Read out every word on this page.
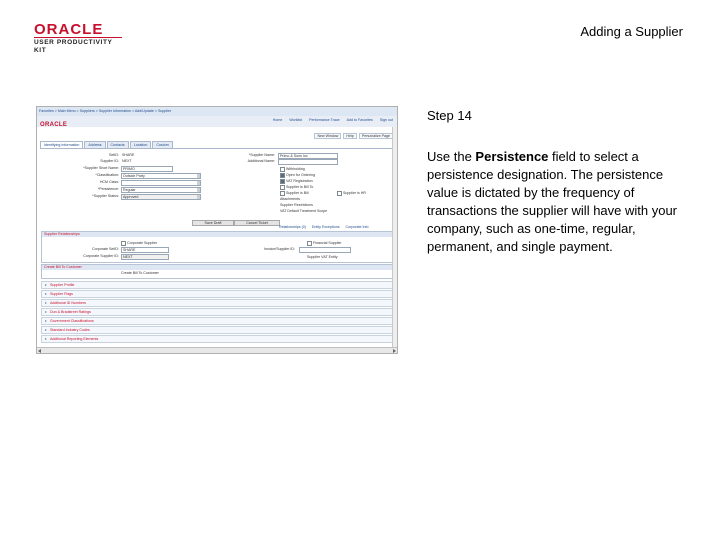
ORACLE
USER PRODUCTIVITY KIT
Adding a Supplier
Step 14
Use the Persistence field to select a persistence designation. The persistence value is dictated by the frequency of transactions the supplier will have with your company, such as one-time, regular, permanent, and single payment.
Favorites > Main Menu > Suppliers > Supplier Information > Add/Update > Supplier
Home Worklist Performance Trace Add to Favorites Sign out
ORACLE
New Window	Help	Personalize Page
Identifying Information	Address	Contacts	Location	Custom
SetID: SHARE
Supplier ID: NEXT
*Supplier Short Name: PRIMO
*Classification: Outside Party
HCM Class:
*Persistence: Regular
*Supplier Status: Approved
*Supplier Name: Primo & Sons Inc
Additional Name:
Withholding
Open for Ordering
VAT Registration
Supplier is Bill To
Supplier is Bill	Supplier is HR
Attachments
Supplier Restrictions
VAT Default Treatment Scope
Save Draft	Cancel Ticket
Relationships (0) Entity Exceptions Corporate Info
Supplier Relationships
Corporate Supplier
Corporate SetID: SHARE
Corporate Supplier ID: NEXT
Financial Supplier
Invoice/Supplier ID:
Supplier VAT Entity
Create Bill To Customer
Create Bill To Customer
Supplier Profile
Supplier Flags
Additional ID Numbers
Dun & Bradstreet Ratings
Government Classifications
Standard Industry Codes
Additional Reporting Elements
